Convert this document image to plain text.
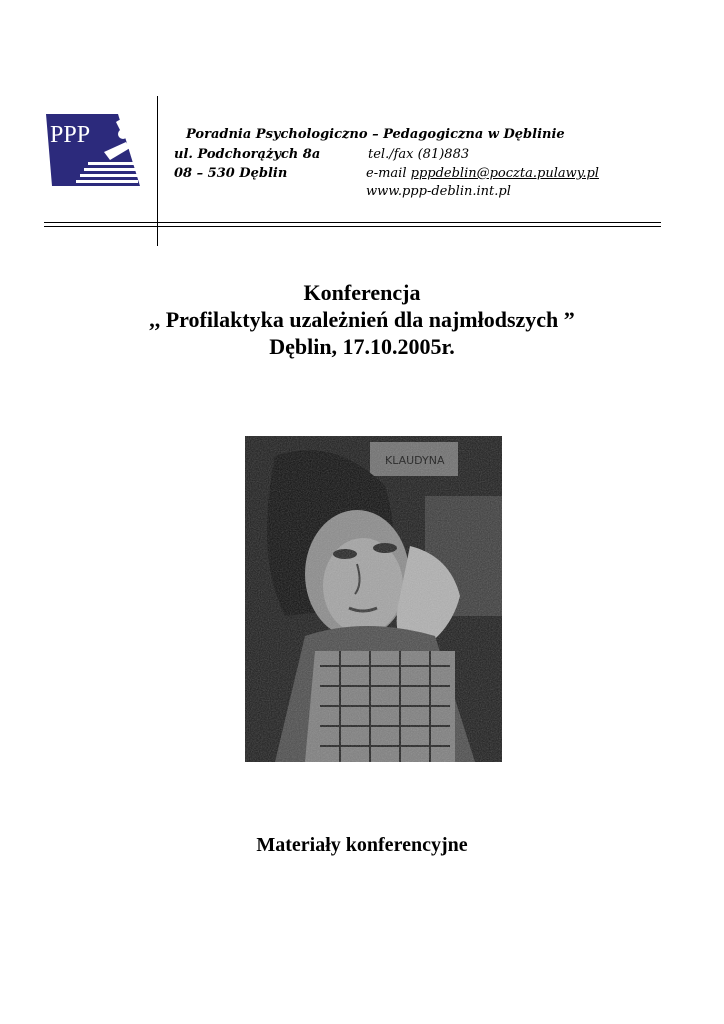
PPP	Poradnia Psychologiczno – Pedagogiczna w Dęblinie
ul. Podchorążych 8a
08 – 530 Dęblin
tel./fax (81)883
e-mail pppdeblin@poczta.pulawy.pl
www.ppp-deblin.int.pl
Konferencja
,, Profilaktyka uzależnień dla najmłodszych ”
Dęblin, 17.10.2005r.
Materiały konferencyjne
